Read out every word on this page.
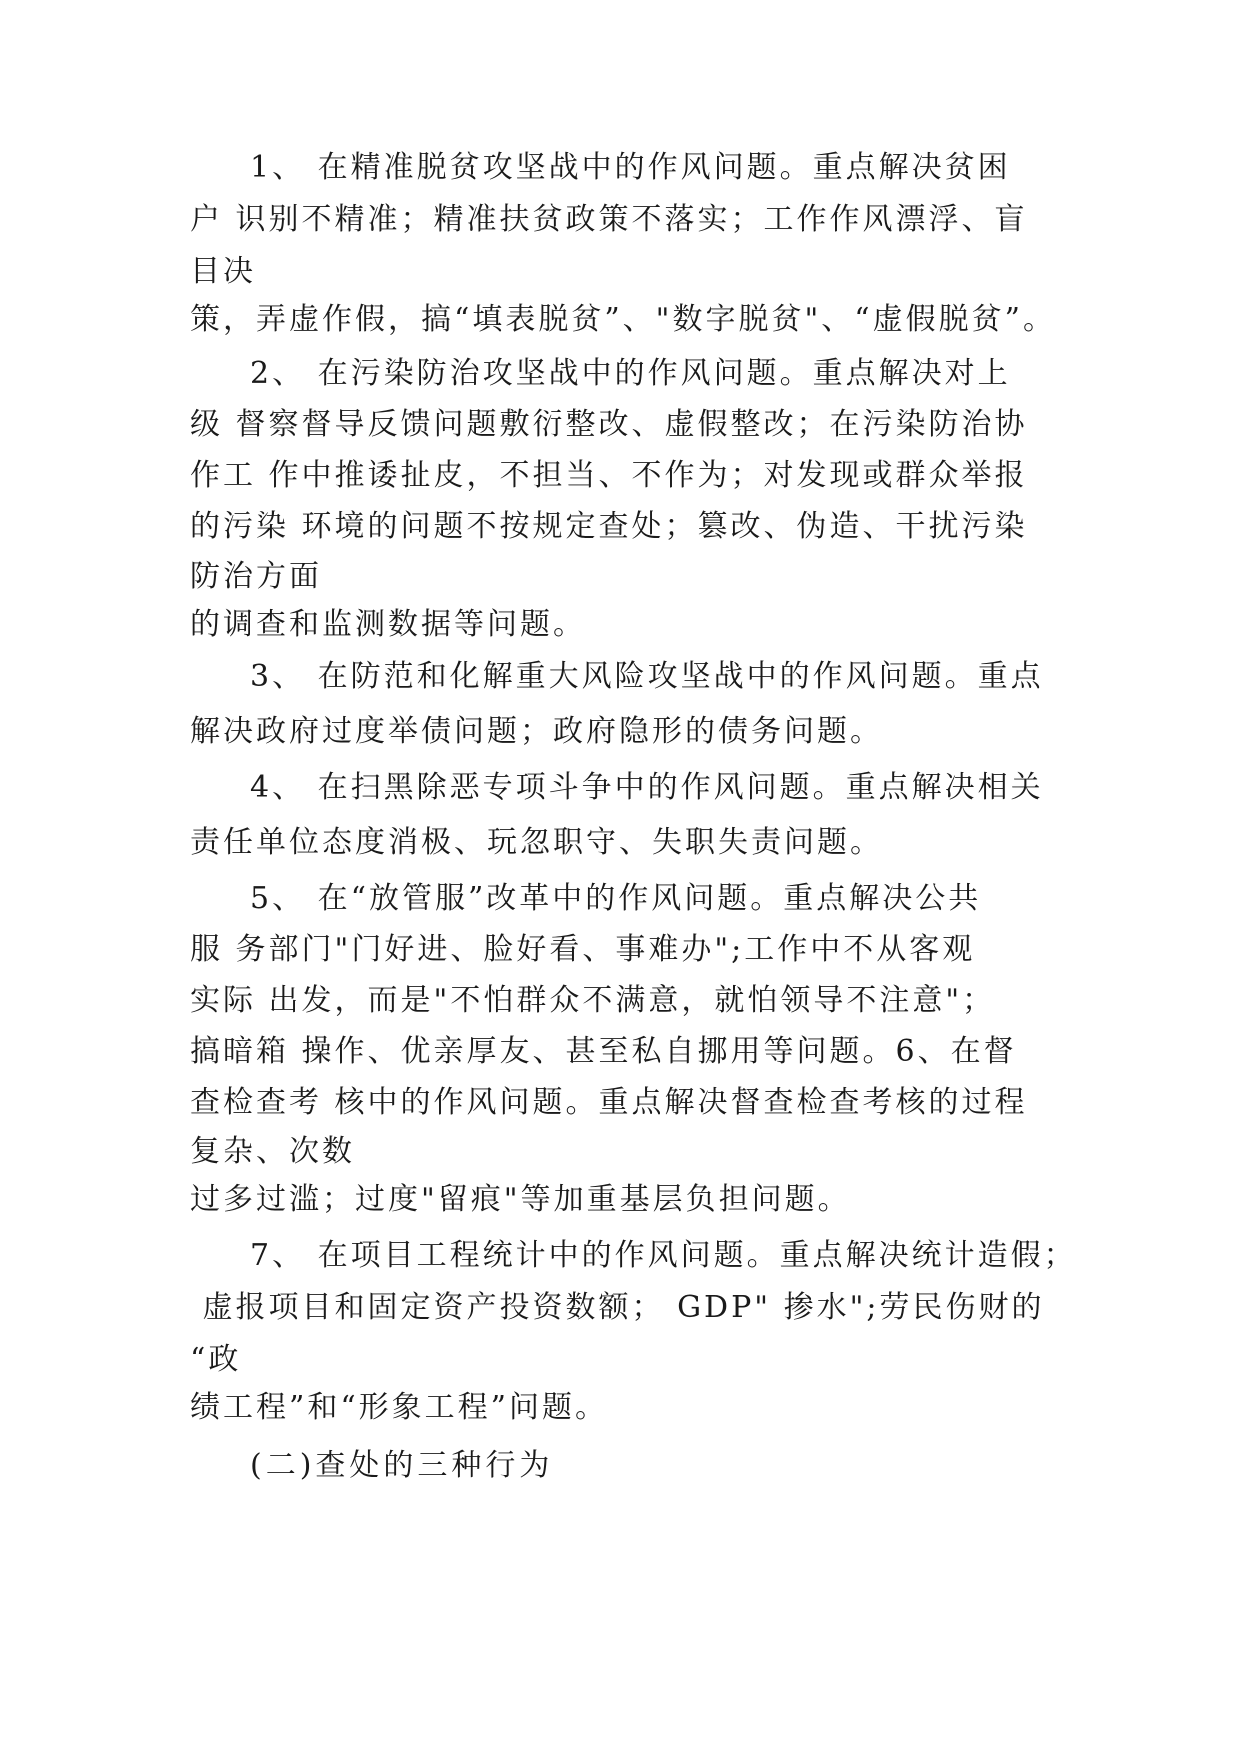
1、 在精准脱贫攻坚战中的作风问题。重点解决贫困
户 识别不精准；精准扶贫政策不落实；工作作风漂浮、盲
目决
策，弄虚作假，搞“填表脱贫”、"数字脱贫"、“虚假脱贫”。
2、 在污染防治攻坚战中的作风问题。重点解决对上
级 督察督导反馈问题敷衍整改、虚假整改；在污染防治协
作工 作中推诿扯皮，不担当、不作为；对发现或群众举报
的污染 环境的问题不按规定查处；篡改、伪造、干扰污染
防治方面
的调查和监测数据等问题。
3、 在防范和化解重大风险攻坚战中的作风问题。重点
解决政府过度举债问题；政府隐形的债务问题。
4、 在扫黑除恶专项斗争中的作风问题。重点解决相关
责任单位态度消极、玩忽职守、失职失责问题。
5、 在“放管服”改革中的作风问题。重点解决公共
服 务部门"门好进、脸好看、事难办";工作中不从客观
实际 出发，而是"不怕群众不满意，就怕领导不注意"；
搞暗箱 操作、优亲厚友、甚至私自挪用等问题。6、在督
查检查考 核中的作风问题。重点解决督查检查考核的过程
复杂、次数
过多过滥；过度"留痕"等加重基层负担问题。
7、 在项目工程统计中的作风问题。重点解决统计造假；
虚报项目和固定资产投资数额； GDP" 掺水";劳民伤财的
“政
绩工程”和“形象工程”问题。
(二)查处的三种行为
